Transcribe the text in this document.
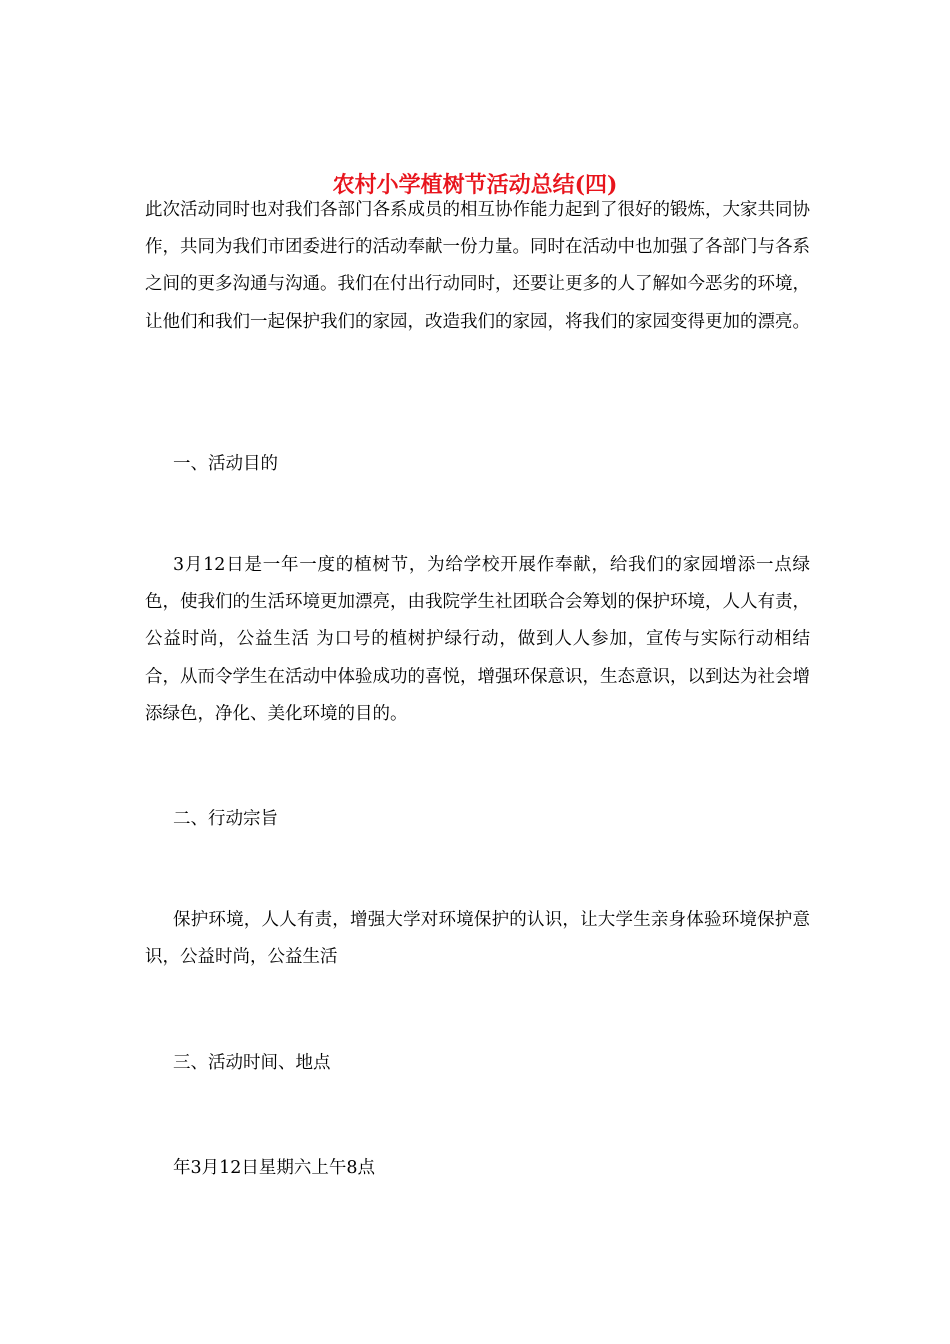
农村小学植树节活动总结(四)

此次活动同时也对我们各部门各系成员的相互协作能力起到了很好的锻炼，大家共同协作，共同为我们市团委进行的活动奉献一份力量。同时在活动中也加强了各部门与各系之间的更多沟通与沟通。我们在付出行动同时，还要让更多的人了解如今恶劣的环境，让他们和我们一起保护我们的家园，改造我们的家园，将我们的家园变得更加的漂亮。

一、活动目的

3月12日是一年一度的植树节，为给学校开展作奉献，给我们的家园增添一点绿色，使我们的生活环境更加漂亮，由我院学生社团联合会筹划的保护环境，人人有责，公益时尚，公益生活 为口号的植树护绿行动，做到人人参加，宣传与实际行动相结合，从而令学生在活动中体验成功的喜悦，增强环保意识，生态意识，以到达为社会增添绿色，净化、美化环境的目的。

二、行动宗旨

保护环境，人人有责，增强大学对环境保护的认识，让大学生亲身体验环境保护意识，公益时尚，公益生活

三、活动时间、地点

年3月12日星期六上午8点
